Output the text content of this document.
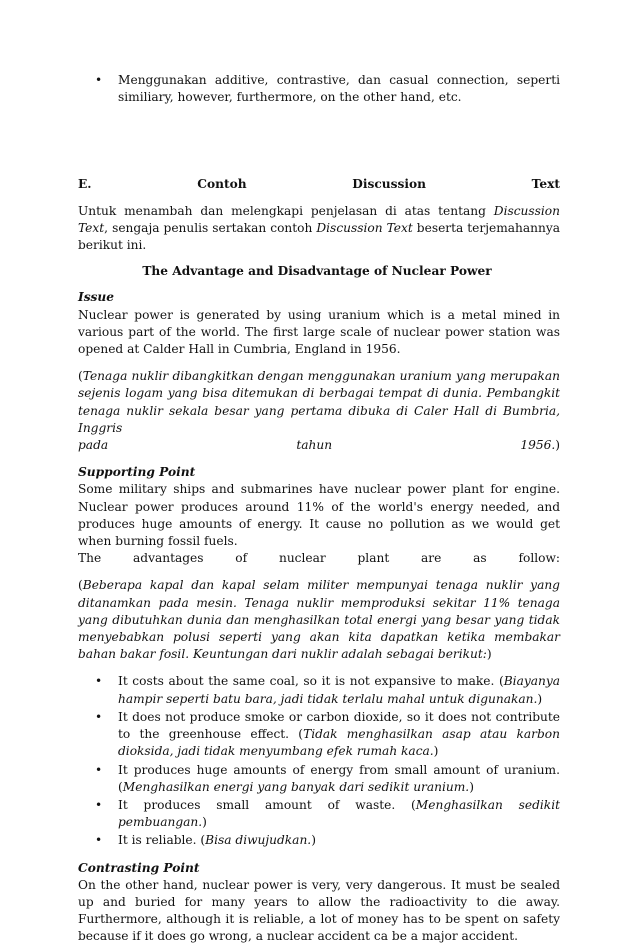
• Menggunakan additive, contrastive, dan casual connection, seperti similiary, however, furthermore, on the other hand, etc.
E.	Contoh	Discussion	Text

Untuk menambah dan melengkapi penjelasan di atas tentang Discussion Text, sengaja penulis sertakan contoh Discussion Text beserta terjemahannya berikut ini.

The Advantage and Disadvantage of Nuclear Power
Issue

Nuclear power is generated by using uranium which is a metal mined in various part of the world. The first large scale of nuclear power station was opened at Calder Hall in Cumbria, England in 1956.

(Tenaga nuklir dibangkitkan dengan menggunakan uranium yang merupakan sejenis logam yang bisa ditemukan di berbagai tempat di dunia. Pembangkit tenaga nuklir sekala besar yang pertama dibuka di Caler Hall di Bumbria, Inggris

pada tahun 1956.)

Supporting Point

Some military ships and submarines have nuclear power plant for engine. Nuclear power produces around 11% of the world's energy needed, and produces huge amounts of energy. It cause no pollution as we would get when burning fossil fuels.

The advantages of nuclear plant are as follow:

(Beberapa kapal dan kapal selam militer mempunyai tenaga nuklir yang ditanamkan pada mesin. Tenaga nuklir memproduksi sekitar 11% tenaga yang dibutuhkan dunia dan menghasilkan total energi yang besar yang tidak menyebabkan polusi seperti yang akan kita dapatkan ketika membakar bahan bakar fosil. Keuntungan dari nuklir adalah sebagai berikut:)

• It costs about the same coal, so it is not expansive to make. (Biayanya hampir seperti batu bara, jadi tidak terlalu mahal untuk digunakan.)
• It does not produce smoke or carbon dioxide, so it does not contribute to the greenhouse effect. (Tidak menghasilkan asap atau karbon dioksida, jadi tidak menyumbang efek rumah kaca.)
• It produces huge amounts of energy from small amount of uranium. (Menghasilkan energi yang banyak dari sedikit uranium.)
• It produces small amount of waste. (Menghasilkan sedikit pembuangan.)
• It is reliable. (Bisa diwujudkan.)
Contrasting Point

On the other hand, nuclear power is very, very dangerous. It must be sealed up and buried for many years to allow the radioactivity to die away. Furthermore, although it is reliable, a lot of money has to be spent on safety because if it does go wrong, a nuclear accident ca be a major accident.
